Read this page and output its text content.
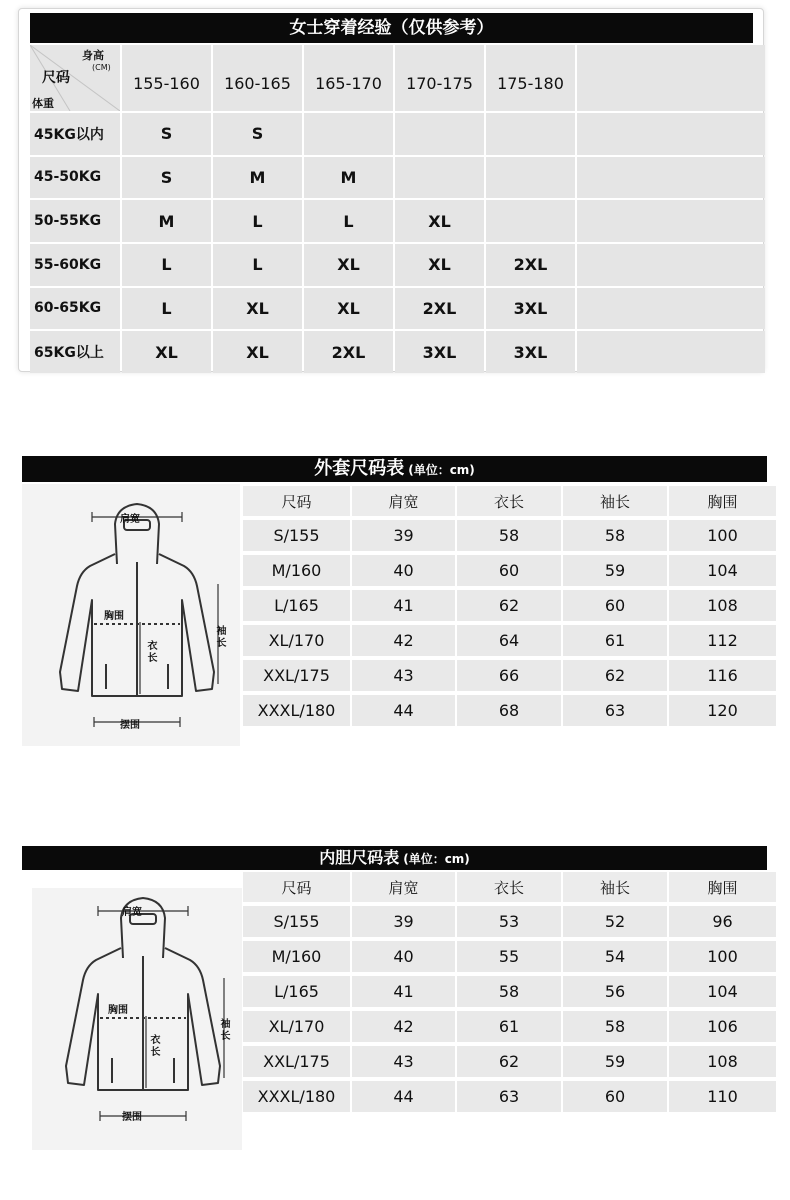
女士穿着经验（仅供参考）
身高
(CM)
尺码
体重
155-160	160-165	165-170	170-175	175-180
45KG以内	S	S
45-50KG	S	M	M
50-55KG	M	L	L	XL
55-60KG	L	L	XL	XL	2XL
60-65KG	L	XL	XL	2XL	3XL
65KG以上	XL	XL	2XL	3XL	3XL
外套尺码表 (单位：cm)
肩宽
胸围
衣长
袖长
摆围
尺码	肩宽	衣长	袖长	胸围
S/155	39	58	58	100
M/160	40	60	59	104
L/165	41	62	60	108
XL/170	42	64	61	112
XXL/175	43	66	62	116
XXXL/180	44	68	63	120
内胆尺码表 (单位：cm)
肩宽
胸围
衣长
袖长
摆围
尺码	肩宽	衣长	袖长	胸围
S/155	39	53	52	96
M/160	40	55	54	100
L/165	41	58	56	104
XL/170	42	61	58	106
XXL/175	43	62	59	108
XXXL/180	44	63	60	110
